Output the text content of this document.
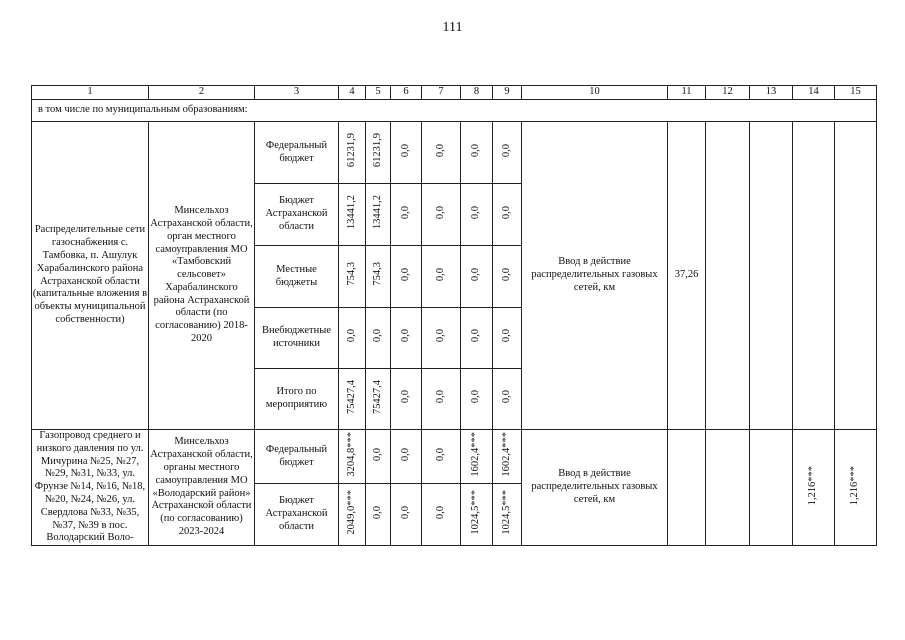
111
1	2	3	4	5	6	7	8	9	10	11	12	13	14	15
в том числе по муниципальным образованиям:														
Распределительные сети газоснабжения с. Тамбовка, п. Ашулук Харабалинского района Астраханской области (капитальные вложения в объекты муниципальной собственности)	Минсельхоз Астраханской области, орган местного самоуправления МО «Тамбовский сельсовет» Харабалинского района Астраханской области (по согласованию) 2018-2020	Федеральный бюджет	61231,9	61231,9	0,0	0,0	0,0	0,0	Ввод в действие распределительных газовых сетей, км	37,26				
		Бюджет Астраханской области	13441,2	13441,2	0,0	0,0	0,0	0,0						
		Местные бюджеты	754,3	754,3	0,0	0,0	0,0	0,0						
		Внебюджетные источники	0,0	0,0	0,0	0,0	0,0	0,0						
		Итого по мероприятию	75427,4	75427,4	0,0	0,0	0,0	0,0						
Газопровод среднего и низкого давления по ул. Мичурина №25, №27, №29, №31, №33, ул. Фрунзе №14, №16, №18, №20, №24, №26, ул. Свердлова №33, №35, №37, №39 в пос. Володарский Воло-	Минсельхоз Астраханской области, органы местного самоуправления МО «Володарский район» Астраханской области (по согласованию) 2023-2024	Федеральный бюджет	3204,8***	0,0	0,0	0,0	1602,4***	1602,4***	Ввод в действие распределительных газовых сетей, км				1,216***	1,216***
		Бюджет Астраханской области	2049,0***	0,0	0,0	0,0	1024,5***	1024,5***						
